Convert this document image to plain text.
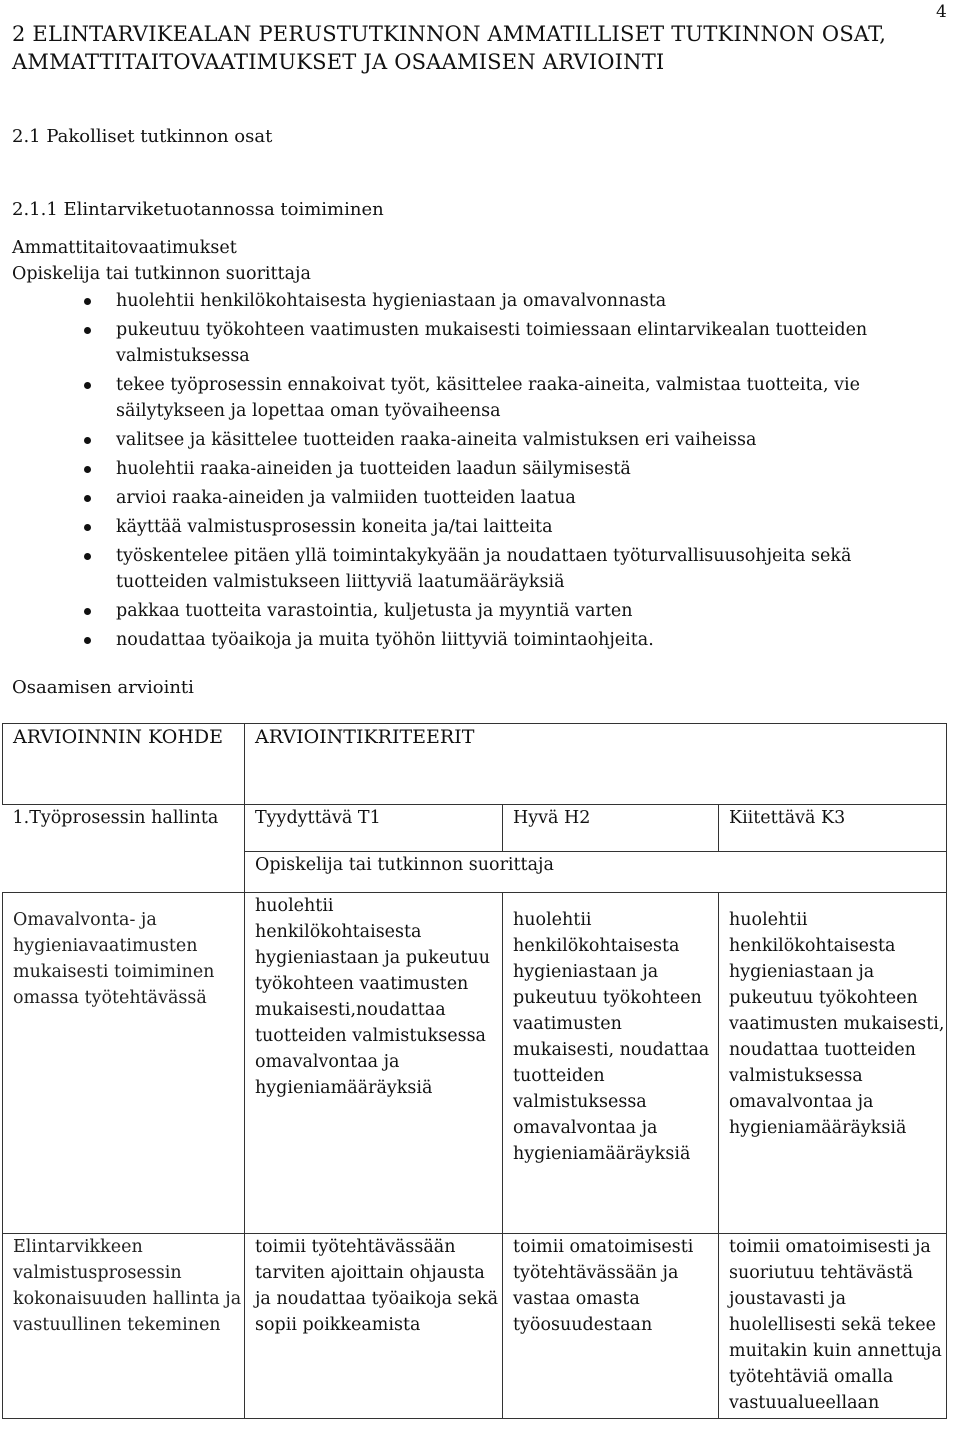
4
2 ELINTARVIKEALAN PERUSTUTKINNON AMMATILLISET TUTKINNON OSAT, AMMATTITAITOVAATIMUKSET JA OSAAMISEN ARVIOINTI
2.1 Pakolliset tutkinnon osat
2.1.1 Elintarviketuotannossa toimiminen
Ammattitaitovaatimukset
Opiskelija tai tutkinnon suorittaja
huolehtii henkilökohtaisesta hygieniastaan ja omavalvonnasta
pukeutuu työkohteen vaatimusten mukaisesti toimiessaan elintarvikealan tuotteiden valmistuksessa
tekee työprosessin ennakoivat työt, käsittelee raaka-aineita, valmistaa tuotteita, vie säilytykseen ja lopettaa oman työvaiheensa
valitsee ja käsittelee tuotteiden raaka-aineita valmistuksen eri vaiheissa
huolehtii raaka-aineiden ja tuotteiden laadun säilymisestä
arvioi raaka-aineiden ja valmiiden tuotteiden laatua
käyttää valmistusprosessin koneita ja/tai laitteita
työskentelee pitäen yllä toimintakykyään ja noudattaen työturvallisuusohjeita sekä tuotteiden valmistukseen liittyviä laatumääräyksiä
pakkaa tuotteita varastointia, kuljetusta ja myyntiä varten
noudattaa työaikoja ja muita työhön liittyviä toimintaohjeita.
Osaamisen arviointi
ARVIOINNIN KOHDE	ARVIOINTIKRITEERIT		
1.Työprosessin hallinta	Tyydyttävä T1	Hyvä H2	Kiitettävä K3
	Opiskelija tai tutkinnon suorittaja		
Omavalvonta- ja hygieniavaatimusten mukaisesti toimiminen omassa työtehtävässä	huolehtii henkilökohtaisesta hygieniastaan ja pukeutuu työkohteen vaatimusten mukaisesti,noudattaa tuotteiden valmistuksessa omavalvontaa ja hygieniamääräyksiä	huolehtii henkilökohtaisesta hygieniastaan ja pukeutuu työkohteen vaatimusten mukaisesti, noudattaa tuotteiden valmistuksessa omavalvontaa ja hygieniamääräyksiä	huolehtii henkilökohtaisesta hygieniastaan ja pukeutuu työkohteen vaatimusten mukaisesti, noudattaa tuotteiden valmistuksessa omavalvontaa ja hygieniamääräyksiä
Elintarvikkeen valmistusprosessin kokonaisuuden hallinta ja vastuullinen tekeminen	toimii työtehtävässään tarviten ajoittain ohjausta ja noudattaa työaikoja sekä sopii poikkeamista	toimii omatoimisesti työtehtävässään ja vastaa omasta työosuudestaan	toimii omatoimisesti ja suoriutuu tehtävästä joustavasti ja huolellisesti sekä tekee muitakin kuin annettuja työtehtäviä omalla vastuualueellaan
